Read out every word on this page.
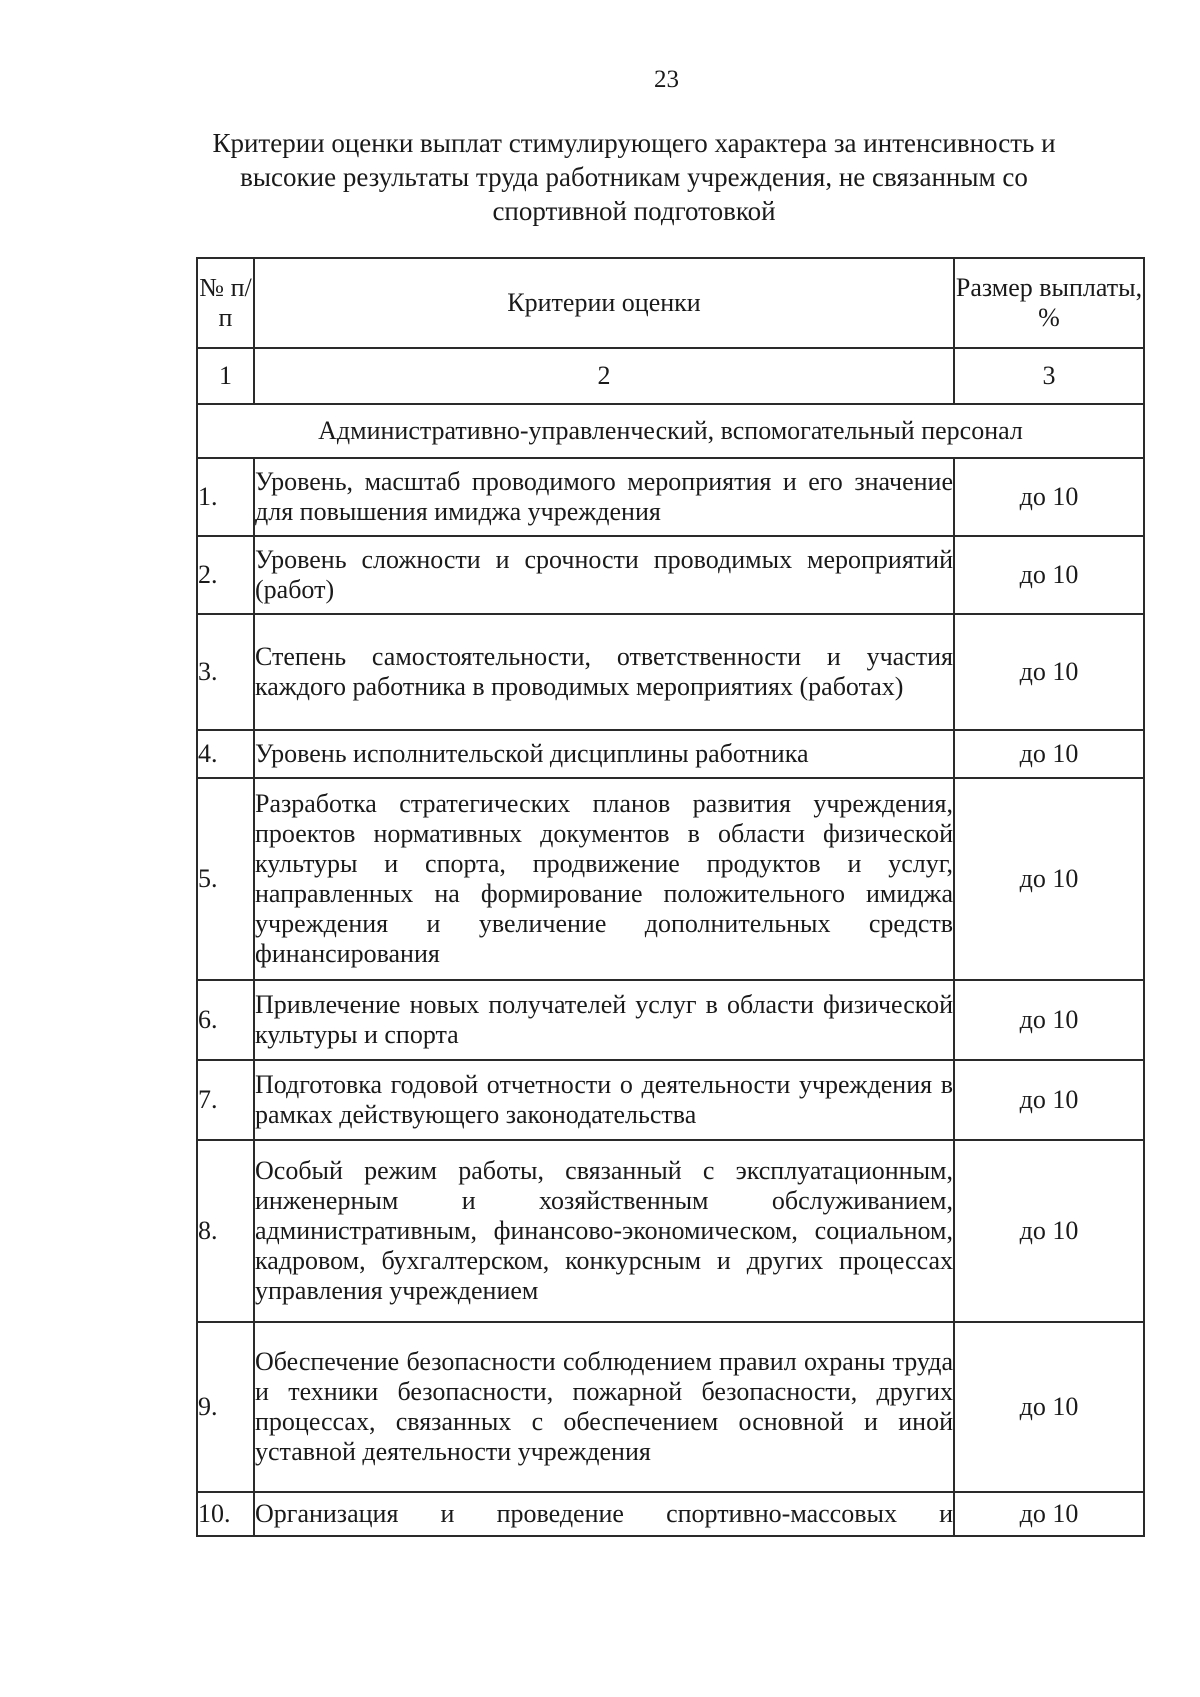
23
Критерии оценки выплат стимулирующего характера за интенсивность и высокие результаты труда работникам учреждения, не связанным со спортивной подготовкой
№ п/п	Критерии оценки	Размер выплаты, %
1	2	3
Административно-управленческий, вспомогательный персонал		
1.	Уровень, масштаб проводимого мероприятия и его значение для повышения имиджа учреждения	до 10
2.	Уровень сложности и срочности проводимых мероприятий (работ)	до 10
3.	Степень самостоятельности, ответственности и участия каждого работника в проводимых мероприятиях (работах)	до 10
4.	Уровень исполнительской дисциплины работника	до 10
5.	Разработка стратегических планов развития учреждения, проектов нормативных документов в области физической культуры и спорта, продвижение продуктов и услуг, направленных на формирование положительного имиджа учреждения и увеличение дополнительных средств финансирования	до 10
6.	Привлечение новых получателей услуг в области физической культуры и спорта	до 10
7.	Подготовка годовой отчетности о деятельности учреждения в рамках действующего законодательства	до 10
8.	Особый режим работы, связанный с эксплуатационным, инженерным и хозяйственным обслуживанием, административным, финансово-экономическом, социальном, кадровом, бухгалтерском, конкурсным и других процессах управления учреждением	до 10
9.	Обеспечение безопасности соблюдением правил охраны труда и техники безопасности, пожарной безопасности, других процессах, связанных с обеспечением основной и иной уставной деятельности учреждения	до 10
10.	Организация и проведение спортивно-массовых и	до 10
